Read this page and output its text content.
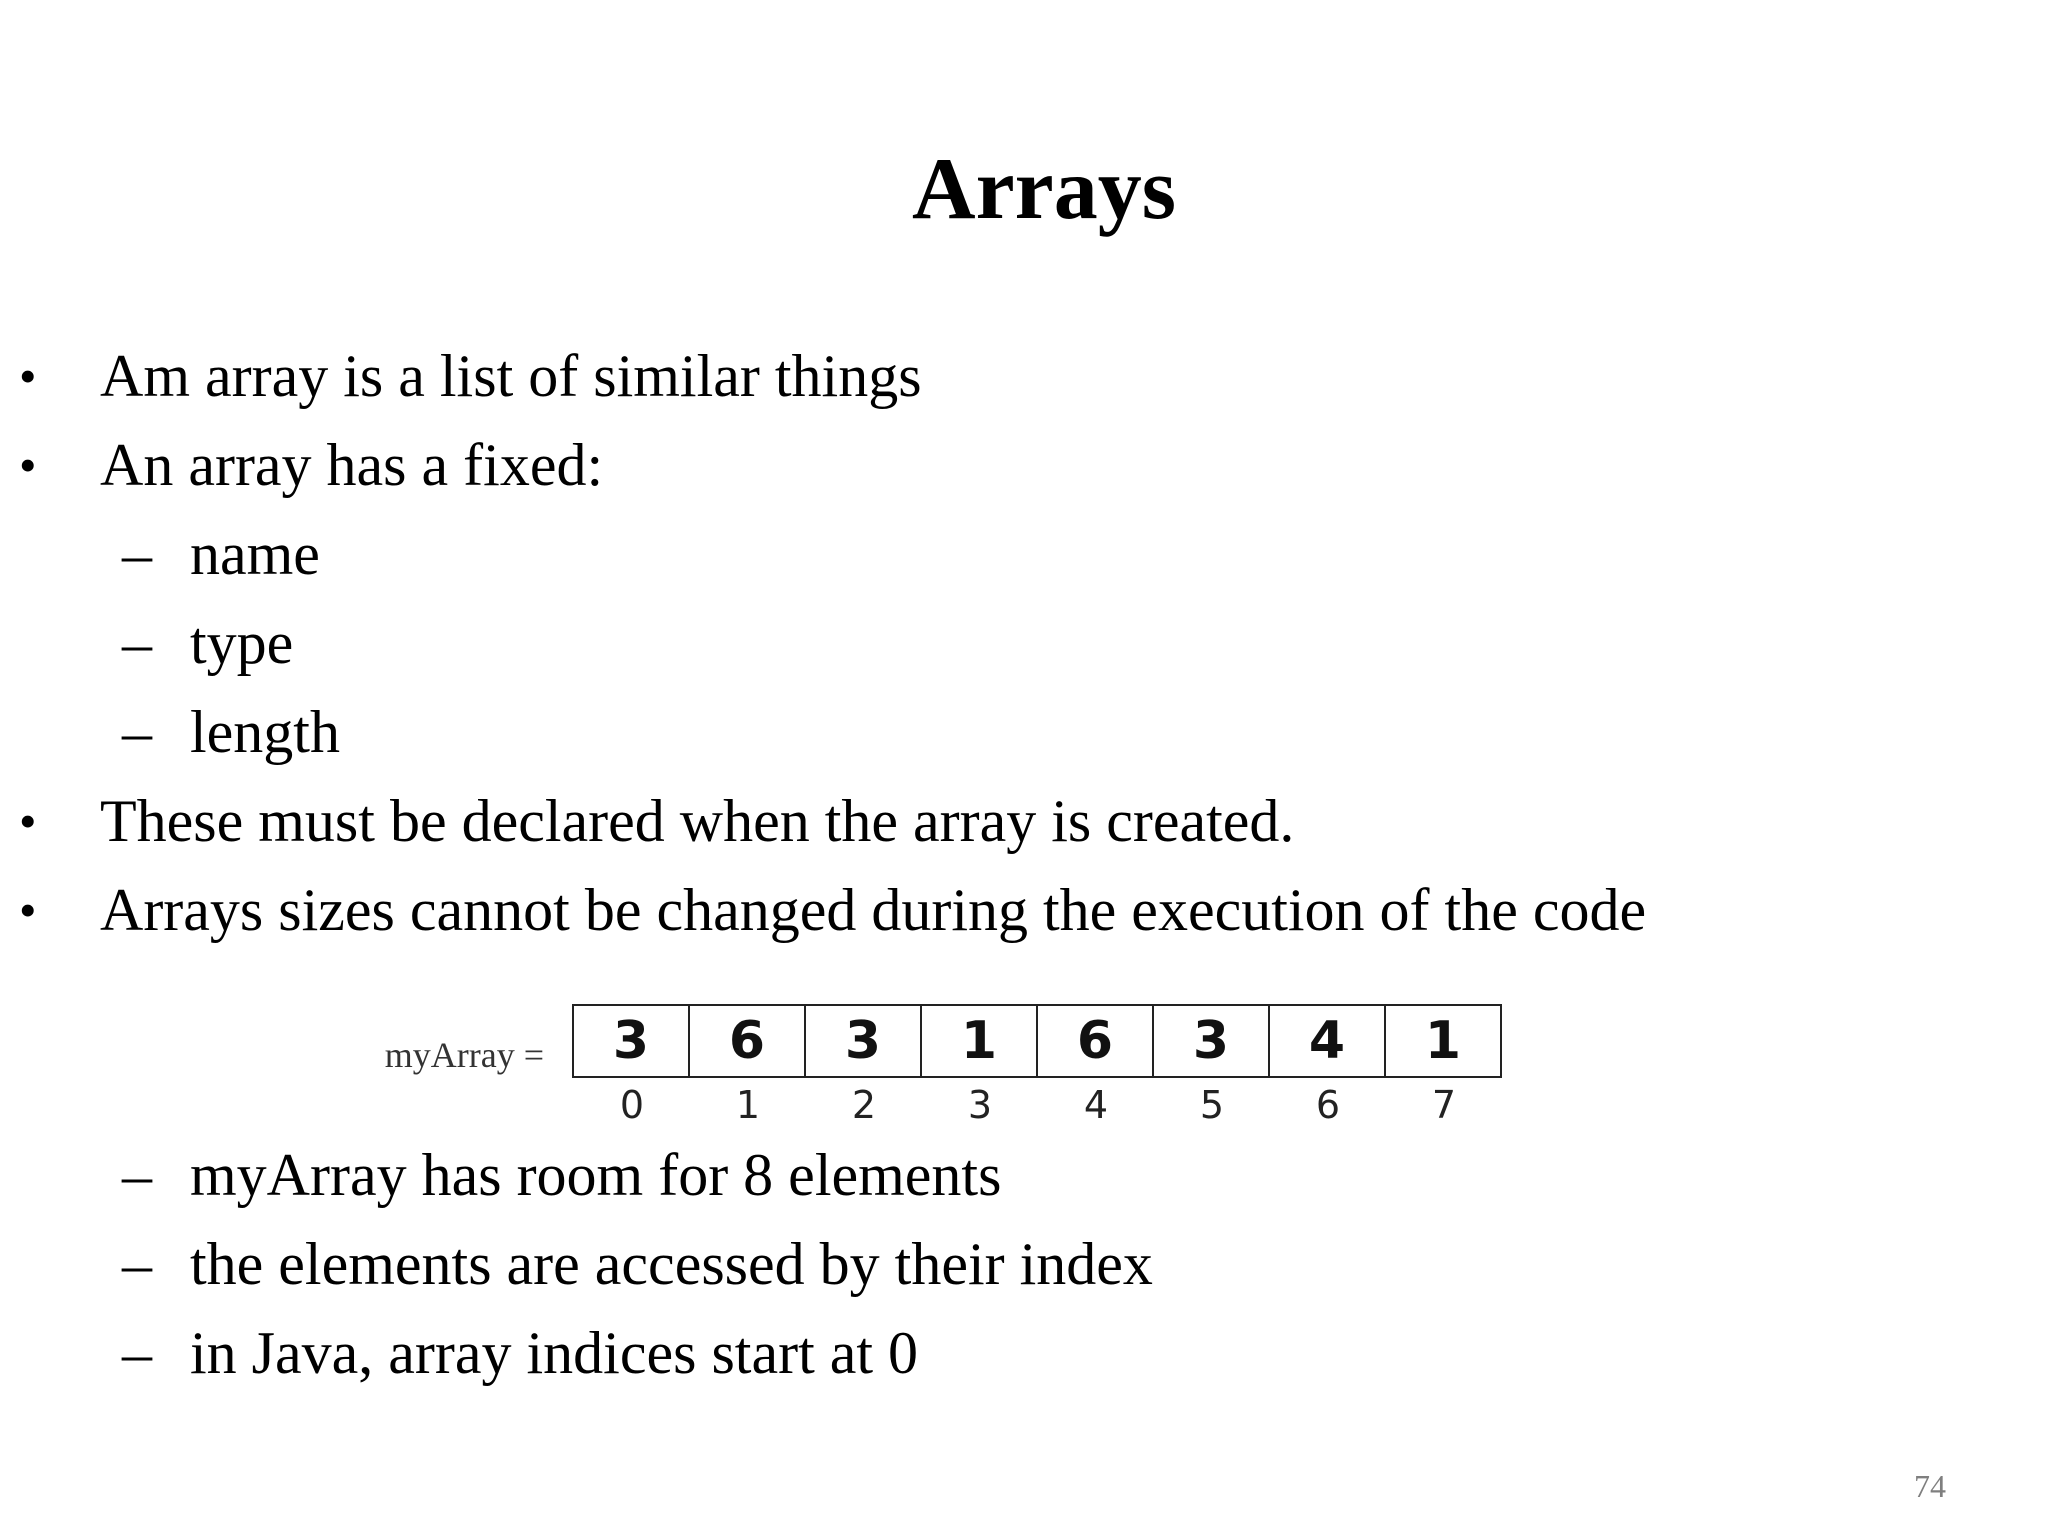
Arrays
• Am array is a list of similar things
• An array has a fixed:
– name
– type
– length
• These must be declared when the array is created.
• Arrays sizes cannot be changed during the execution of the code
myArray =	3	6	3	1	6	3	4	1
0	1	2	3	4	5	6	7
– myArray has room for 8 elements
– the elements are accessed by their index
– in Java, array indices start at 0
74
